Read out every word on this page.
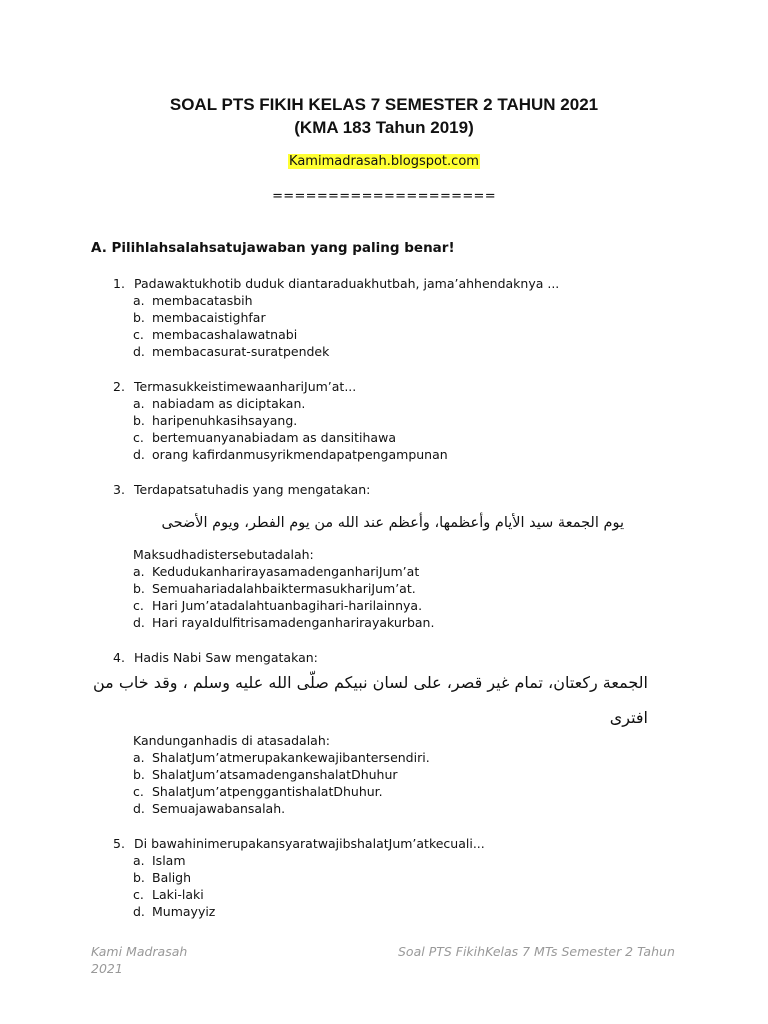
SOAL PTS FIKIH KELAS 7 SEMESTER 2 TAHUN 2021
(KMA 183 Tahun 2019)
Kamimadrasah.blogspot.com
====================
A. Pilihlahsalahsatujawaban yang paling benar!
1. Padawaktukhotib duduk diantaraduakhutbah, jama’ahhendaknya ...
a. membacatasbih
b. membacaistighfar
c. membacashalawatnabi
d. membacasurat-suratpendek
2. TermasukkeistimewaanhariJum’at...
a. nabiadam as diciptakan.
b. haripenuhkasihsayang.
c. bertemuanyanabiadam as dansitihawa
d. orang kafirdanmusyrikmendapatpengampunan
3. Terdapatsatuhadis yang mengatakan:
يوم الجمعة سيد الأيام وأعظمها، وأعظم عند الله من يوم الفطر، ويوم الأضحى
Maksudhadistersebutadalah:
a. KedudukanharirayasamadenganhariJum’at
b. SemuahariadalahbaiktermasukhariJum’at.
c. Hari Jum’atadalahtuanbagihari-harilainnya.
d. Hari rayaIdulfitrisamadenganharirayakurban.
4. Hadis Nabi Saw mengatakan:
الجمعة ركعتان، تمام غير قصر، على لسان نبيكم صلّى الله عليه وسلم ، وقد خاب من
افترى
Kandunganhadis di atasadalah:
a. ShalatJum’atmerupakankewajibantersendiri.
b. ShalatJum’atsamadenganshalatDhuhur
c. ShalatJum’atpenggantishalatDhuhur.
d. Semuajawabansalah.
5. Di bawahinimerupakansyaratwajibshalatJum’atkecuali...
a. Islam
b. Baligh
c. Laki-laki
d. Mumayyiz
Kami Madrasah
2021
Soal PTS FikihKelas 7 MTs Semester 2 Tahun
